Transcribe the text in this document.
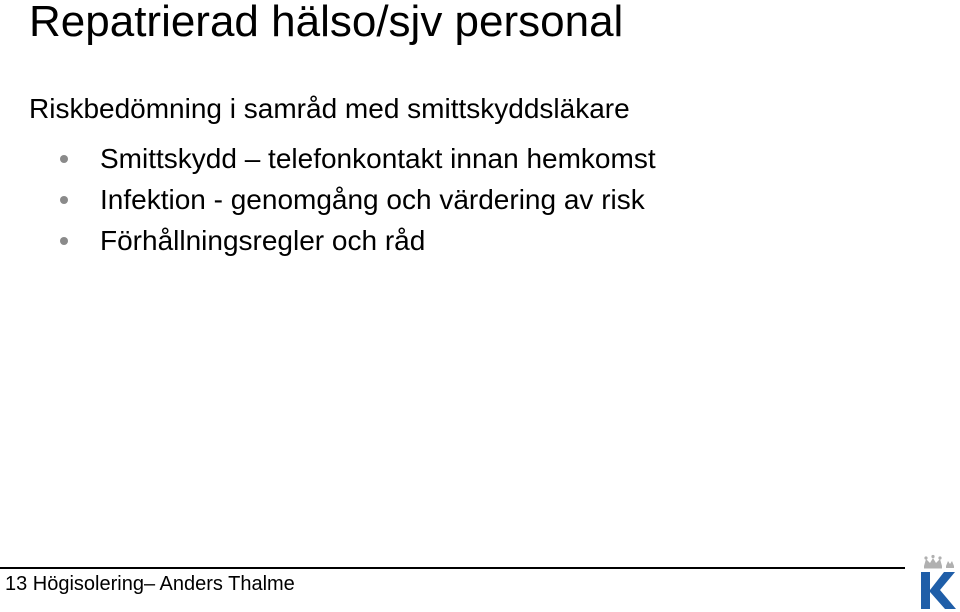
Repatrierad hälso/sjv personal
Riskbedömning i samråd med smittskyddsläkare
Smittskydd – telefonkontakt innan hemkomst
Infektion - genomgång och värdering av risk
Förhållningsregler och råd
13 Högisolering– Anders Thalme
